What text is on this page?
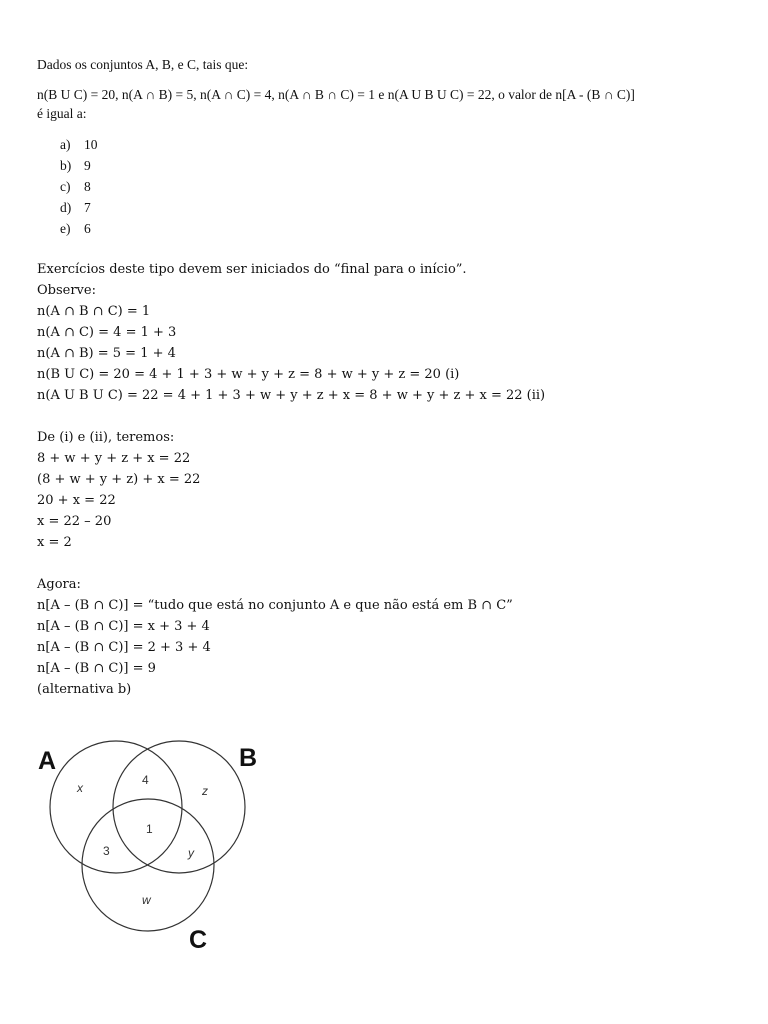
Dados os conjuntos A, B, e C, tais que:
n(B U C) = 20, n(A ∩ B) = 5, n(A ∩ C) = 4, n(A ∩ B ∩ C) = 1 e n(A U B U C) = 22, o valor de n[A - (B ∩ C)]
é igual a:
a)	10
b) 9
c)	8
d) 7
e)	6
Exercícios deste tipo devem ser iniciados do “final para o início”.
Observe:
n(A ∩ B ∩ C) = 1
n(A ∩ C) = 4 = 1 + 3
n(A ∩ B) = 5 = 1 + 4
n(B U C) = 20 = 4 + 1 + 3 + w + y + z = 8 + w + y + z = 20 (i)
n(A U B U C) = 22 = 4 + 1 + 3 + w + y + z + x = 8 + w + y + z + x = 22 (ii)
De (i) e (ii), teremos:
8 + w + y + z + x = 22
(8 + w + y + z) + x = 22
20 + x = 22
x = 22 – 20
x = 2
Agora:
n[A – (B ∩ C)] = “tudo que está no conjunto A e que não está em B ∩ C”
n[A – (B ∩ C)] = x + 3 + 4
n[A – (B ∩ C)] = 2 + 3 + 4
n[A – (B ∩ C)] = 9
(alternativa b)
A	B
C
x
4
z
1
3	y
w
